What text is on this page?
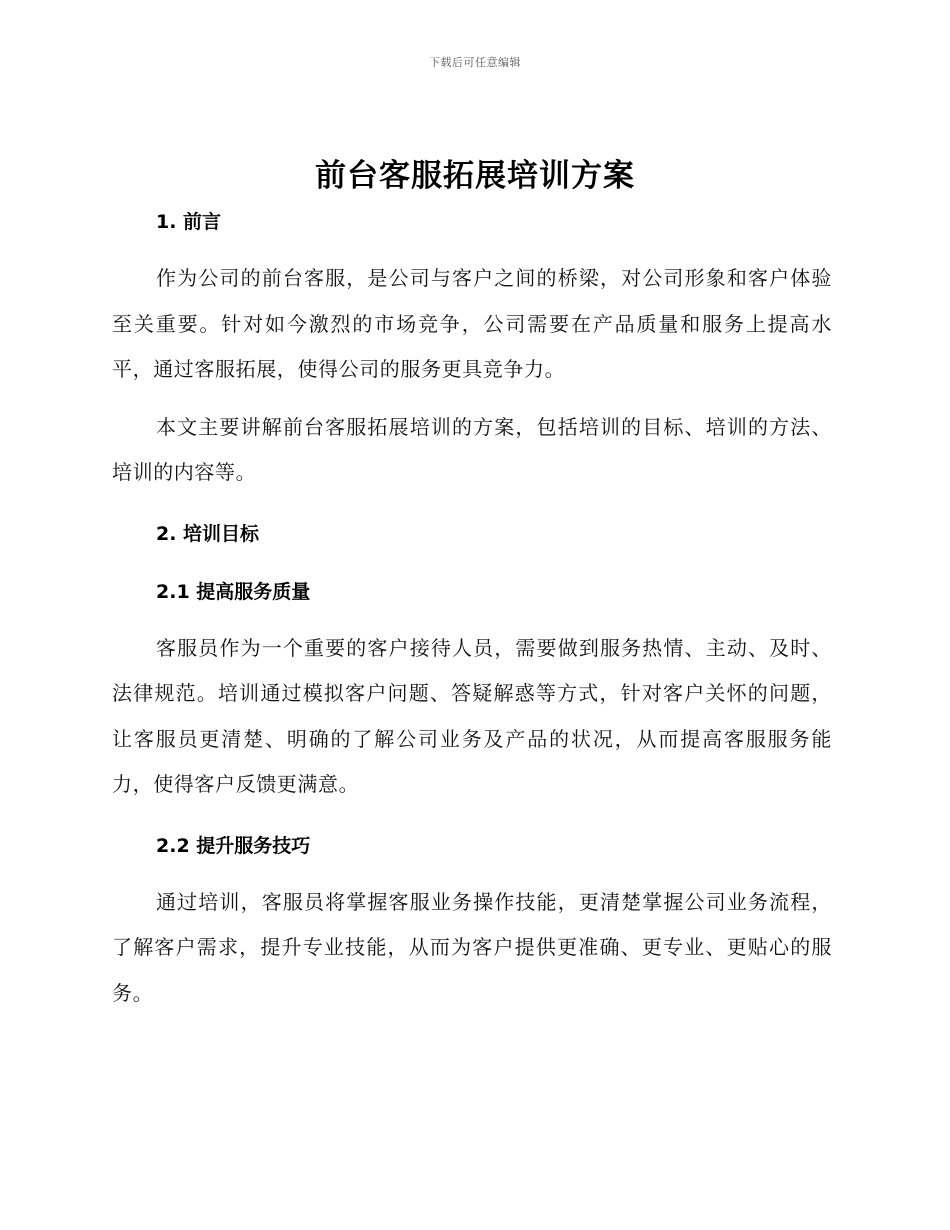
下载后可任意编辑
前台客服拓展培训方案
1. 前言

作为公司的前台客服，是公司与客户之间的桥梁，对公司形象和客户体验至关重要。针对如今激烈的市场竞争，公司需要在产品质量和服务上提高水平，通过客服拓展，使得公司的服务更具竞争力。

本文主要讲解前台客服拓展培训的方案，包括培训的目标、培训的方法、培训的内容等。

2. 培训目标
2.1 提高服务质量

客服员作为一个重要的客户接待人员，需要做到服务热情、主动、及时、法律规范。培训通过模拟客户问题、答疑解惑等方式，针对客户关怀的问题，让客服员更清楚、明确的了解公司业务及产品的状况，从而提高客服服务能力，使得客户反馈更满意。

2.2 提升服务技巧

通过培训，客服员将掌握客服业务操作技能，更清楚掌握公司业务流程，了解客户需求，提升专业技能，从而为客户提供更准确、更专业、更贴心的服务。
